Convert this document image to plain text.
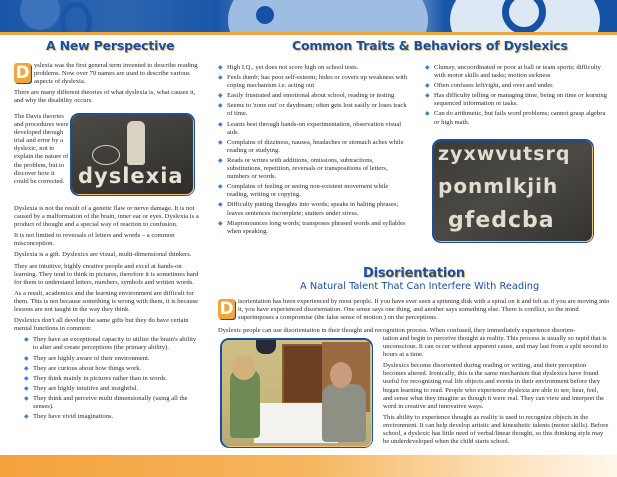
A New Perspective	Common Traits & Behaviors of Dyslexics

D yslexia was the first general term invented to describe reading problems. Now over 70 names are used to describe various aspects of dyslexia.

There are many different theories of what dyslexia is, what causes it, and why the disability occurs.

The Davis theories and procedures were developed through trial and error by a dyslexic, not to explain the nature of the problem, but to discover how it could be corrected. dyslexia

Dyslexia is not the result of a genetic flaw or nerve damage. It is not caused by a malformation of the brain, inner ear or eyes. Dyslexia is a product of thought and a special way of reaction to confusion.

It is not limited to reversals of letters and words – a common misconception.

Dyslexia is a gift. Dyslexics are visual, multi-dimensional thinkers.

They are intuitive, highly creative people and excel at hands-on learning. They tend to think in pictures, therefore it is sometimes hard for them to understand letters, numbers, symbols and written words.

As a result, academics and the learning environment are difficult for them. This is not because something is wrong with them, it is because lessons are not taught in the way they think.

Dyslexics don't all develop the same gifts but they do have certain mental functions in common:

◆ They have an exceptional capacity to utilize the brain's ability to alter and create perceptions (the primary ability).
◆ They are highly aware of their environment.
◆ They are curious about how things work.
◆ They think mainly in pictures rather than in words.
◆ They are highly intuitive and insightful.
◆ They think and perceive multi dimensionally (using all the senses).
◆ They have vivid imaginations.
◆ High I.Q., yet does not score high on school tests.
◆ Feels dumb; has poor self-esteem; hides or covers up weakness with coping mechanism i.e. acting out
◆ Easily frustrated and emotional about school, reading or testing.
◆ Seems to 'zone out' or daydream; often gets lost easily or loses track of time.
◆ Learns best through hands-on experimentation, observation visual aids.
◆ Complains of dizziness, nausea, headaches or stomach aches while reading or studying.
◆ Reads or writes with additions, omissions, subtractions, substitutions, repetition, reversals or transpositions of letters, numbers or words.
◆ Complains of feeling or seeing non-existent movement while reading, writing or copying.
◆ Difficulty putting thoughts into words; speaks in halting phrases; leaves sentences incomplete; stutters under stress.
◆ Mispronounces long words; transposes phrased words and syllables when speaking.
◆ Clumsy, uncoordinated or poor at ball or team sports; difficulty with motor skills and tasks; motion sickness
◆ Often confuses left/right, and over and under.
◆ Has difficulty telling or managing time, being on time or learning sequenced information or tasks.
◆ Can do arithmetic, but fails word problems; cannot grasp algebra or high math.
zyxwvutsrq
ponmlkjih
gfedcba
Disorientation
A Natural Talent That Can Interfere With Reading
D isorientation has been experienced by most people. If you have ever seen a spinning disk with a spiral on it and felt as if you are moving into it, you have experienced disorientation. One sense says one thing, and another says something else. There is conflict, so the mind superimposes a compromise (the false sense of motion ) on the perceptions.
Dyslexic people can use disorientation in their thought and recognition process. When confused, they immediately experience disorien-

tation and begin to perceive thought as reality. This process is usually so rapid that is unconscious. It can occur without apparent cause, and may last from a split second to hours at a time.

Dyslexics become disoriented during reading or writing, and their perception becomes altered. Ironically, this is the same mechanism that dyslexics have found useful for recognizing real life objects and events in their environment before they began learning to read. People who experience dyslexia are able to see, hear, feel, and sense what they imagine as though it were real. They can view and interpret the word in creative and innovative ways.

This ability to experience thought as reality is used to recognize objects in the environment. It can help develop artistic and kinesthetic talents (motor skills). Before school, a dyslexic has little need of verbal/linear thought, so this thinking style may be underdeveloped when the child starts school.
